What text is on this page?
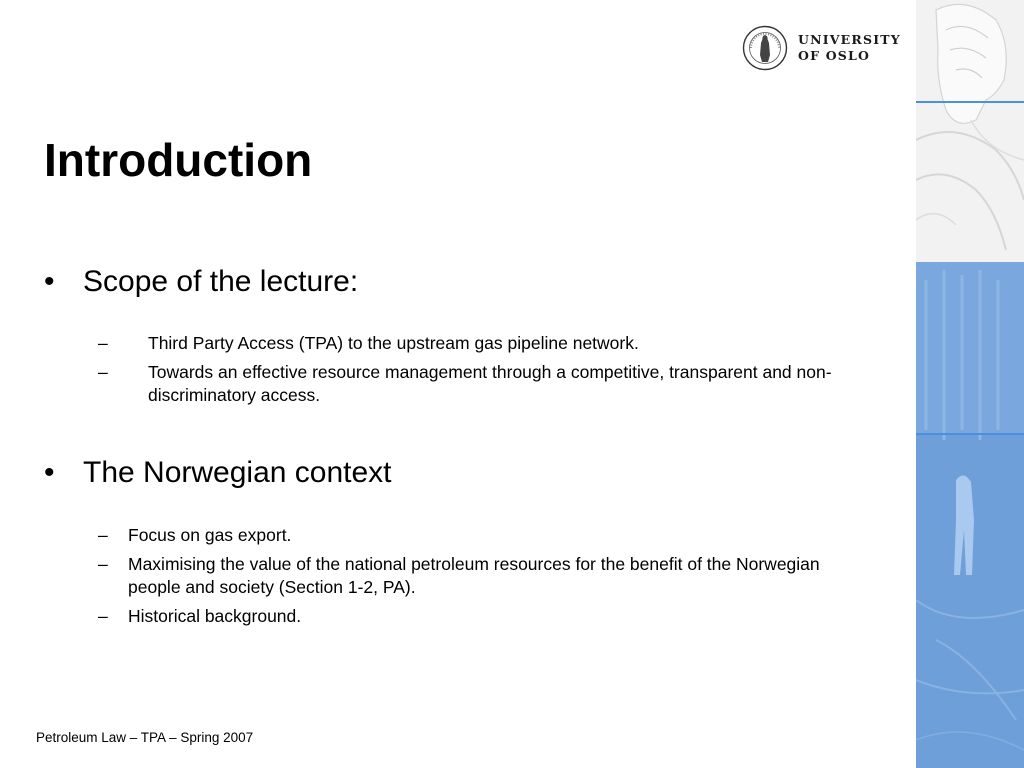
UNIVERSITY
OF OSLO
Introduction
• Scope of the lecture:
– Third Party Access (TPA) to the upstream gas pipeline network.
– Towards an effective resource management through a competitive, transparent and non-discriminatory access.
• The Norwegian context
– Focus on gas export.
– Maximising the value of the national petroleum resources for the benefit of the Norwegian people and society (Section 1-2, PA).
– Historical background.
Petroleum Law – TPA – Spring 2007
